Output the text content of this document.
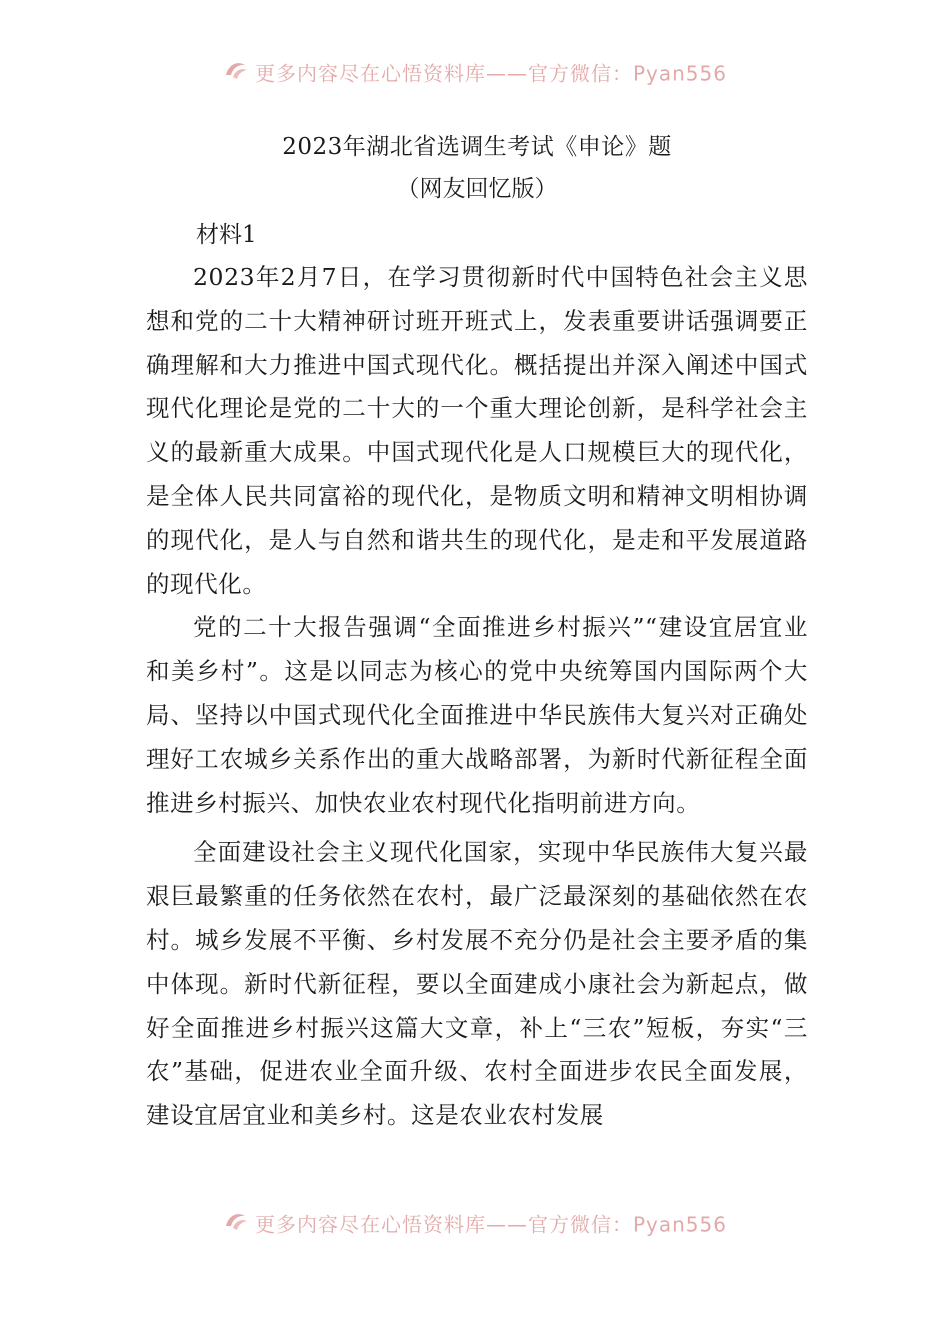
更多内容尽在心悟资料库——官方微信：Pyan556
2023年湖北省选调生考试《申论》题
（网友回忆版）

材料1

2023年2月7日，在学习贯彻新时代中国特色社会主义思想和党的二十大精神研讨班开班式上，发表重要讲话强调要正确理解和大力推进中国式现代化。概括提出并深入阐述中国式现代化理论是党的二十大的一个重大理论创新，是科学社会主义的最新重大成果。中国式现代化是人口规模巨大的现代化，是全体人民共同富裕的现代化，是物质文明和精神文明相协调的现代化，是人与自然和谐共生的现代化，是走和平发展道路的现代化。

党的二十大报告强调“全面推进乡村振兴”“建设宜居宜业和美乡村”。这是以同志为核心的党中央统筹国内国际两个大局、坚持以中国式现代化全面推进中华民族伟大复兴对正确处理好工农城乡关系作出的重大战略部署，为新时代新征程全面推进乡村振兴、加快农业农村现代化指明前进方向。

全面建设社会主义现代化国家，实现中华民族伟大复兴最艰巨最繁重的任务依然在农村，最广泛最深刻的基础依然在农村。城乡发展不平衡、乡村发展不充分仍是社会主要矛盾的集中体现。新时代新征程，要以全面建成小康社会为新起点，做好全面推进乡村振兴这篇大文章，补上“三农”短板，夯实“三农”基础，促进农业全面升级、农村全面进步农民全面发展，建设宜居宜业和美乡村。这是农业农村发展

更多内容尽在心悟资料库——官方微信：Pyan556
